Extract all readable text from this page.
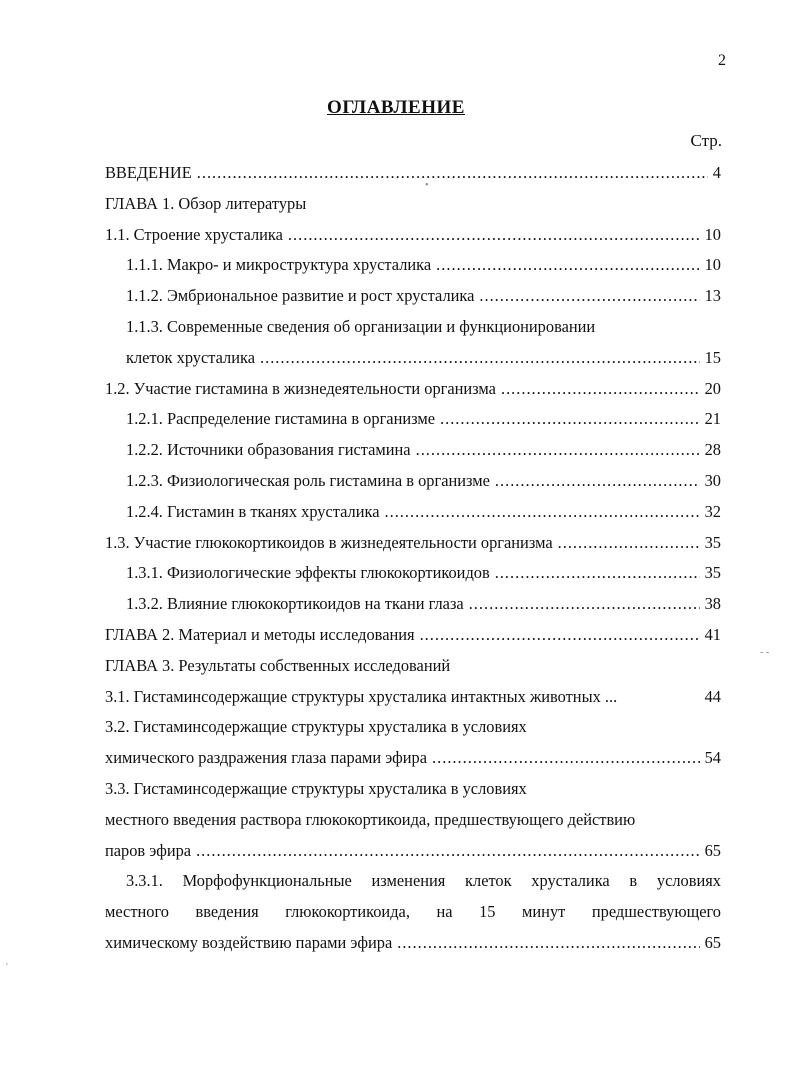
2
ОГЛАВЛЕНИЕ
Стр.
ВВЕДЕНИЕ .....	4
ГЛАВА 1. Обзор литературы
1.1. Строение хрусталика .....	10
1.1.1. Макро- и микроструктура хрусталика .....	10
1.1.2. Эмбриональное развитие и рост хрусталика .....	13
1.1.3. Современные сведения об организации и функционировании
клеток хрусталика .....	15
1.2. Участие гистамина в жизнедеятельности организма .....	20
1.2.1. Распределение гистамина в организме .....	21
1.2.2. Источники образования гистамина .....	28
1.2.3. Физиологическая роль гистамина в организме .....	30
1.2.4. Гистамин в тканях хрусталика .....	32
1.3. Участие глюкокортикоидов в жизнедеятельности организма .....	35
1.3.1. Физиологические эффекты глюкокортикоидов .....	35
1.3.2. Влияние глюкокортикоидов на ткани глаза .....	38
ГЛАВА 2. Материал и методы исследования .....	41
ГЛАВА 3. Результаты собственных исследований
3.1. Гистаминсодержащие структуры хрусталика интактных животных ...	44
3.2. Гистаминсодержащие структуры хрусталика в условиях
химического раздражения глаза парами эфира .....	54
3.3. Гистаминсодержащие структуры хрусталика в условиях
местного введения раствора глюкокортикоида, предшествующего действию
паров эфира .....	65
3.3.1. Морфофункциональные изменения клеток хрусталика в условиях
местного введения глюкокортикоида, на 15 минут предшествующего
химическому воздействию парами эфира .....	65
•
‐ ‐
'
